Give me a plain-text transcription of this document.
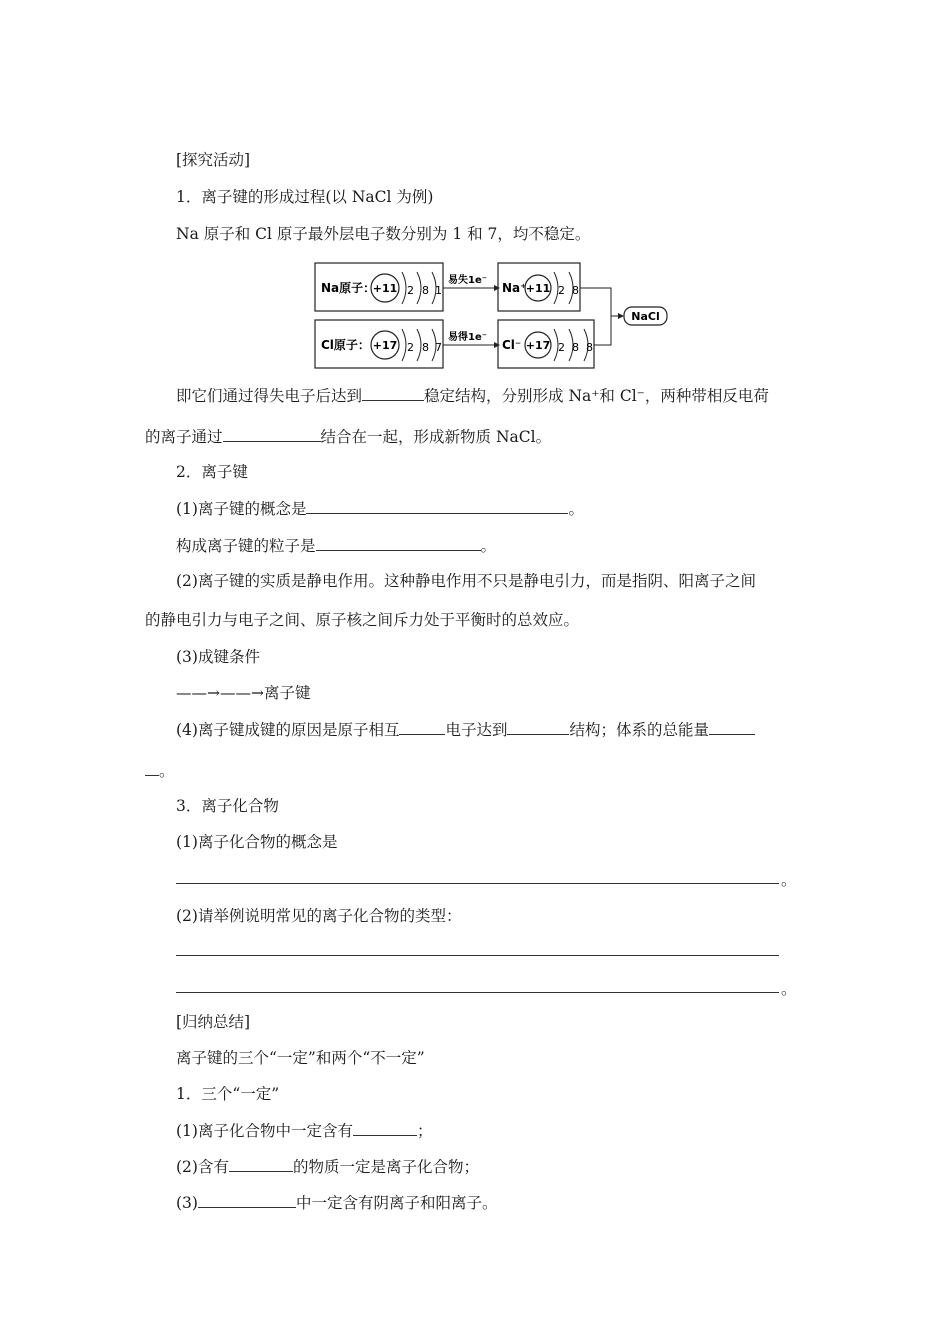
[探究活动]
1．离子键的形成过程(以 NaCl 为例)
Na 原子和 Cl 原子最外层电子数分别为 1 和 7，均不稳定。
Na原子：
+11 2 8 1
易失1e⁻
Na⁺ +11 2 8
Cl原子： +17 2 8 7
易得1e⁻
Cl⁻ +17 2 8 8
NaCl
即它们通过得失电子后达到	稳定结构，分别形成 Na⁺和 Cl⁻，两种带相反电荷
的离子通过	结合在一起，形成新物质 NaCl。
2．离子键
(1)离子键的概念是	。
构成离子键的粒子是	。
(2)离子键的实质是静电作用。这种静电作用不只是静电引力，而是指阴、阳离子之间
的静电引力与电子之间、原子核之间斥力处于平衡时的总效应。
(3)成键条件
——→——→离子键
(4)离子键成键的原因是原子相互	电子达到	结构；体系的总能量
。
3．离子化合物
(1)离子化合物的概念是
。
(2)请举例说明常见的离子化合物的类型：
。
[归纳总结]
离子键的三个“一定”和两个“不一定”
1．三个“一定”
(1)离子化合物中一定含有	；
(2)含有	的物质一定是离子化合物；
(3)	中一定含有阴离子和阳离子。
